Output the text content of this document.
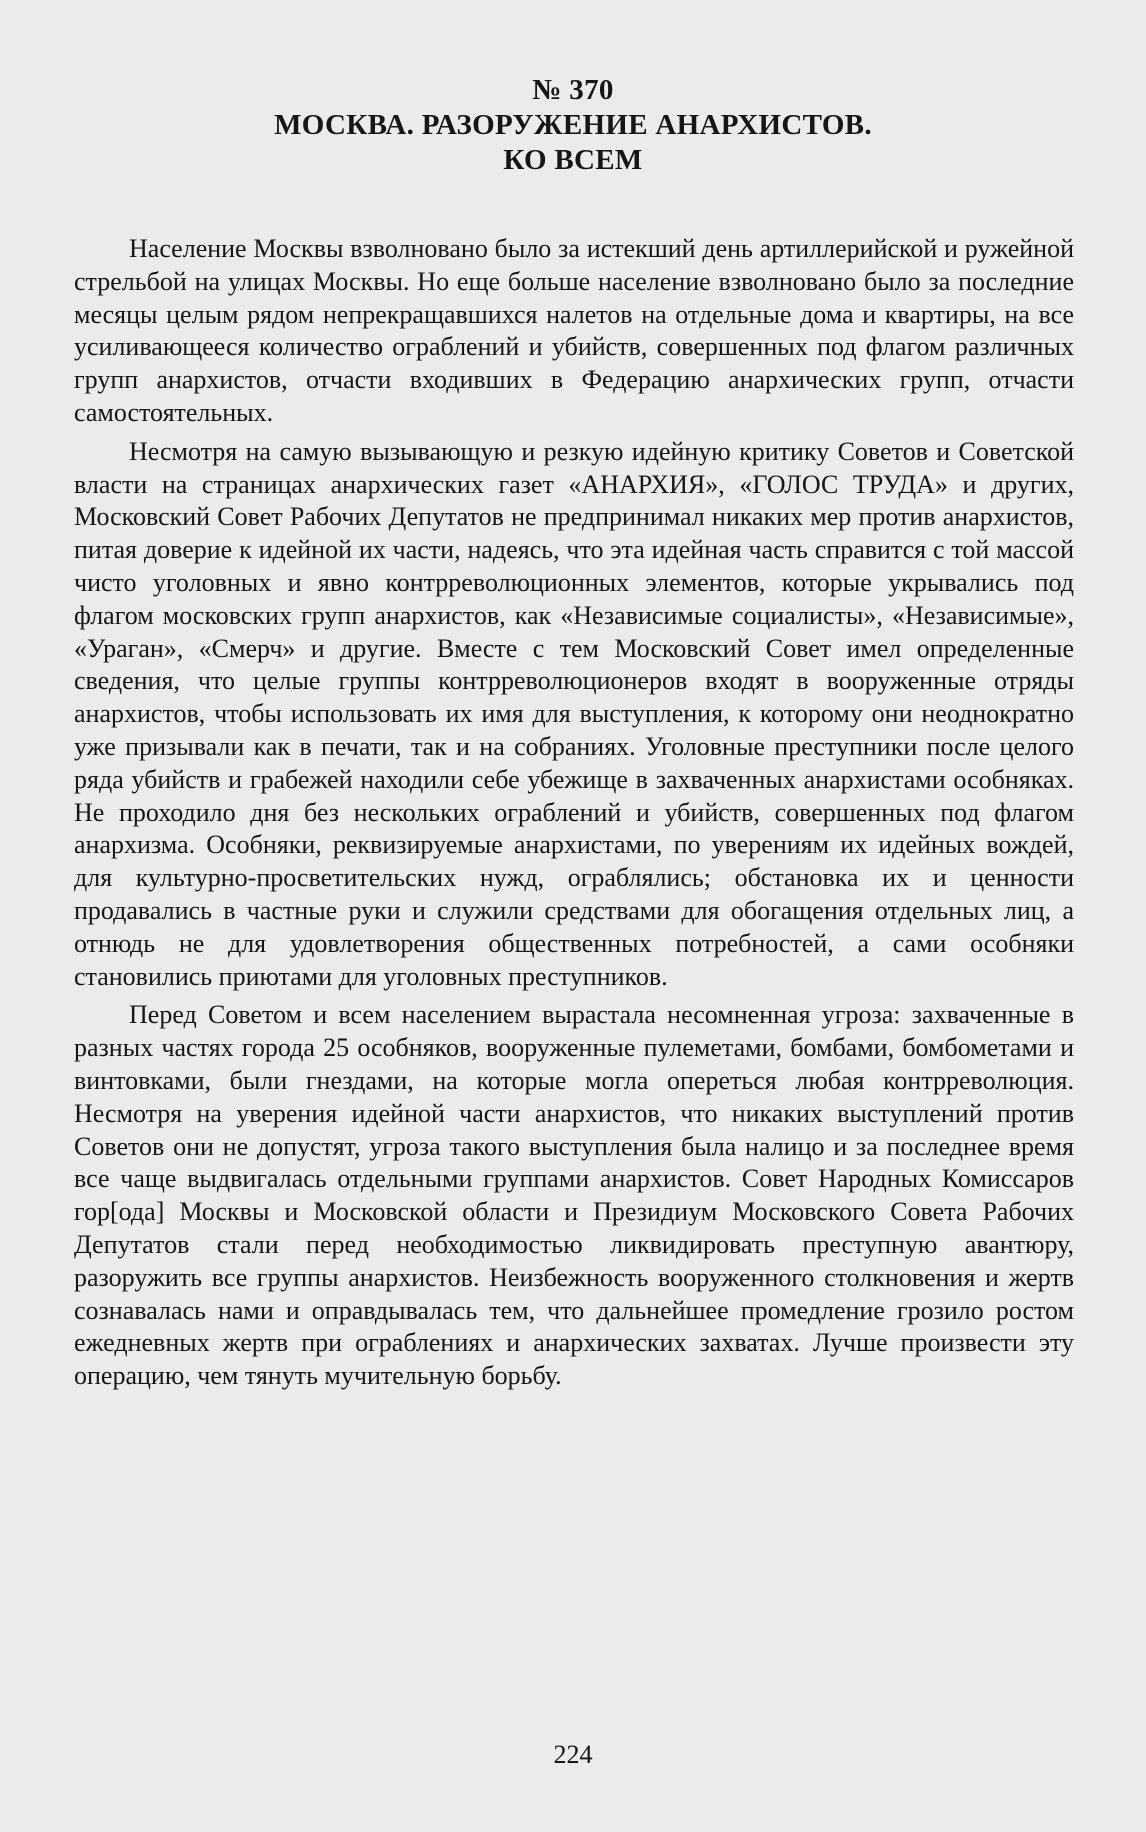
№ 370
МОСКВА. РАЗОРУЖЕНИЕ АНАРХИСТОВ.
КО ВСЕМ

Население Москвы взволновано было за истекший день артиллерийской и ружейной стрельбой на улицах Москвы. Но еще больше население взволновано было за последние месяцы целым рядом непрекращавшихся налетов на отдельные дома и квартиры, на все усиливающееся количество ограблений и убийств, совершенных под флагом различных групп анархистов, отчасти входивших в Федерацию анархических групп, отчасти самостоятельных.

Несмотря на самую вызывающую и резкую идейную критику Советов и Советской власти на страницах анархических газет «АНАРХИЯ», «ГОЛОС ТРУДА» и других, Московский Совет Рабочих Депутатов не предпринимал никаких мер против анархистов, питая доверие к идейной их части, надеясь, что эта идейная часть справится с той массой чисто уголовных и явно контрреволюционных элементов, которые укрывались под флагом московских групп анархистов, как «Независимые социалисты», «Независимые», «Ураган», «Смерч» и другие. Вместе с тем Московский Совет имел определенные сведения, что целые группы контрреволюционеров входят в вооруженные отряды анархистов, чтобы использовать их имя для выступления, к которому они неоднократно уже призывали как в печати, так и на собраниях. Уголовные преступники после целого ряда убийств и грабежей находили себе убежище в захваченных анархистами особняках. Не проходило дня без нескольких ограблений и убийств, совершенных под флагом анархизма. Особняки, реквизируемые анархистами, по уверениям их идейных вождей, для культурно-просветительских нужд, ограблялись; обстановка их и ценности продавались в частные руки и служили средствами для обогащения отдельных лиц, а отнюдь не для удовлетворения общественных потребностей, а сами особняки становились приютами для уголовных преступников.

Перед Советом и всем населением вырастала несомненная угроза: захваченные в разных частях города 25 особняков, вооруженные пулеметами, бомбами, бомбометами и винтовками, были гнездами, на которые могла опереться любая контрреволюция. Несмотря на уверения идейной части анархистов, что никаких выступлений против Советов они не допустят, угроза такого выступления была налицо и за последнее время все чаще выдвигалась отдельными группами анархистов. Совет Народных Комиссаров гор[ода] Москвы и Московской области и Президиум Московского Совета Рабочих Депутатов стали перед необходимостью ликвидировать преступную авантюру, разоружить все группы анархистов. Неизбежность вооруженного столкновения и жертв сознавалась нами и оправдывалась тем, что дальнейшее промедление грозило ростом ежедневных жертв при ограблениях и анархических захватах. Лучше произвести эту операцию, чем тянуть мучительную борьбу.

224
